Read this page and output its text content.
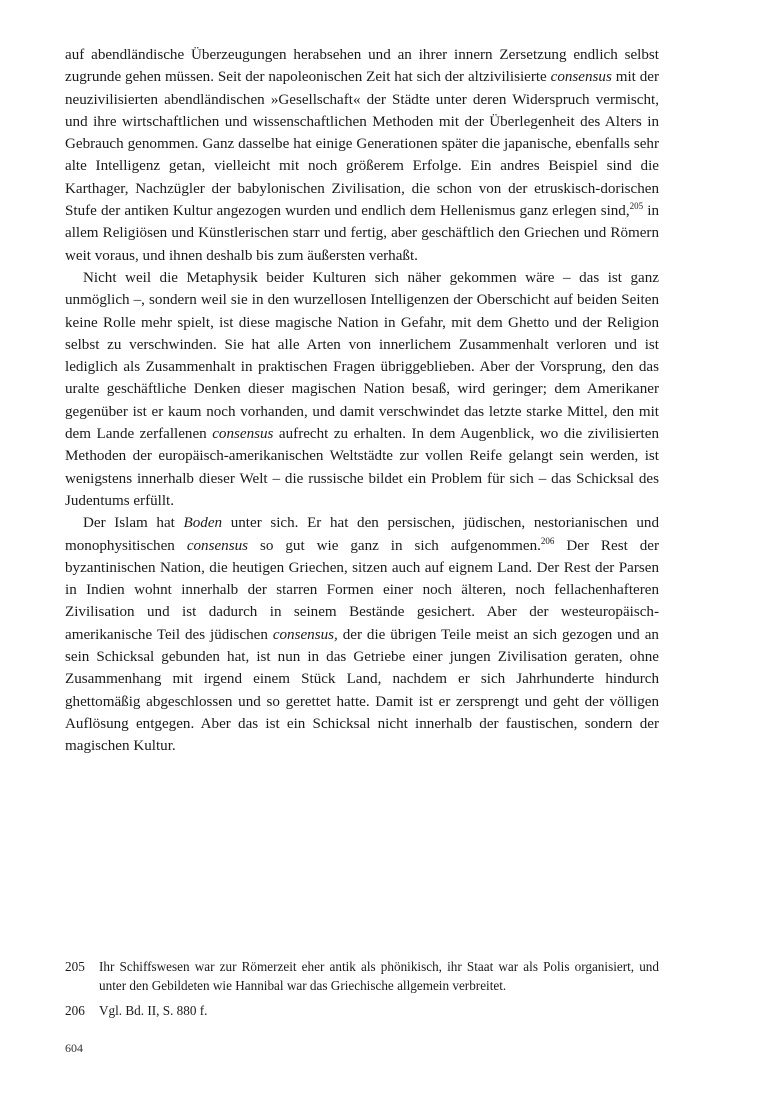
auf abendländische Überzeugungen herabsehen und an ihrer innern Zersetzung endlich selbst zugrunde gehen müssen. Seit der napoleonischen Zeit hat sich der altzivilisierte consensus mit der neuzivilisierten abendländischen »Gesellschaft« der Städte unter deren Widerspruch vermischt, und ihre wirtschaftlichen und wissenschaftlichen Methoden mit der Überlegenheit des Alters in Gebrauch genommen. Ganz dasselbe hat einige Generationen später die japanische, ebenfalls sehr alte Intelligenz getan, vielleicht mit noch größerem Erfolge. Ein andres Beispiel sind die Karthager, Nachzügler der babylonischen Zivilisation, die schon von der etruskisch-dorischen Stufe der antiken Kultur angezogen wurden und endlich dem Hellenismus ganz erlegen sind,$^{205}$ in allem Religiösen und Künstlerischen starr und fertig, aber geschäftlich den Griechen und Römern weit voraus, und ihnen deshalb bis zum äußersten verhaßt.

Nicht weil die Metaphysik beider Kulturen sich näher gekommen wäre – das ist ganz unmöglich –, sondern weil sie in den wurzellosen Intelligenzen der Oberschicht auf beiden Seiten keine Rolle mehr spielt, ist diese magische Nation in Gefahr, mit dem Ghetto und der Religion selbst zu verschwinden. Sie hat alle Arten von innerlichem Zusammenhalt verloren und ist lediglich als Zusammenhalt in praktischen Fragen übriggeblieben. Aber der Vorsprung, den das uralte geschäftliche Denken dieser magischen Nation besaß, wird geringer; dem Amerikaner gegenüber ist er kaum noch vorhanden, und damit verschwindet das letzte starke Mittel, den mit dem Lande zerfallenen consensus aufrecht zu erhalten. In dem Augenblick, wo die zivilisierten Methoden der europäisch-amerikanischen Weltstädte zur vollen Reife gelangt sein werden, ist wenigstens innerhalb dieser Welt – die russische bildet ein Problem für sich – das Schicksal des Judentums erfüllt.

Der Islam hat Boden unter sich. Er hat den persischen, jüdischen, nestorianischen und monophysitischen consensus so gut wie ganz in sich aufgenommen.$^{206}$ Der Rest der byzantinischen Nation, die heutigen Griechen, sitzen auch auf eignem Land. Der Rest der Parsen in Indien wohnt innerhalb der starren Formen einer noch älteren, noch fellachenhafteren Zivilisation und ist dadurch in seinem Bestände gesichert. Aber der westeuropäisch-amerikanische Teil des jüdischen consensus, der die übrigen Teile meist an sich gezogen und an sein Schicksal gebunden hat, ist nun in das Getriebe einer jungen Zivilisation geraten, ohne Zusammenhang mit irgend einem Stück Land, nachdem er sich Jahrhunderte hindurch ghettomäßig abgeschlossen und so gerettet hatte. Damit ist er zersprengt und geht der völligen Auflösung entgegen. Aber das ist ein Schicksal nicht innerhalb der faustischen, sondern der magischen Kultur.

205	Ihr Schiffswesen war zur Römerzeit eher antik als phönikisch, ihr Staat war als Polis organisiert, und unter den Gebildeten wie Hannibal war das Griechische allgemein verbreitet.
206	Vgl. Bd. II, S. 880 f.
604
